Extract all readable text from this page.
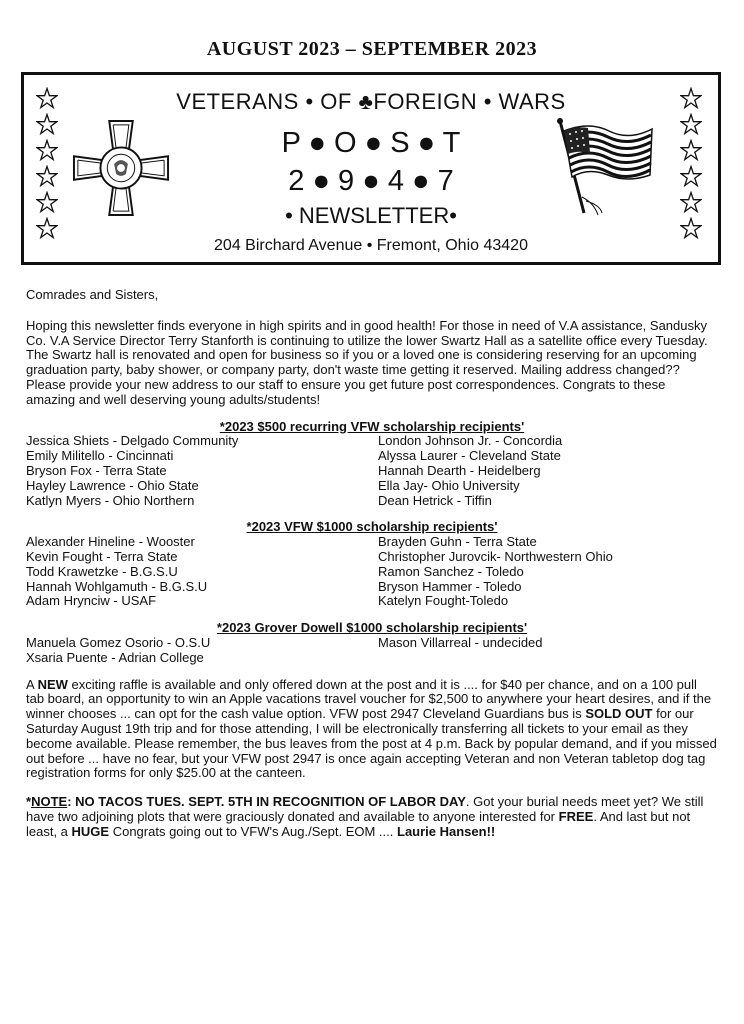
AUGUST 2023 – SEPTEMBER 2023
VETERANS • OF ♣FOREIGN • WARS
P ● O ● S ● T
2 ● 9 ● 4 ● 7
• NEWSLETTER•
204 Birchard Avenue • Fremont, Ohio 43420

Comrades and Sisters,

Hoping this newsletter finds everyone in high spirits and in good health! For those in need of V.A assistance, Sandusky Co. V.A Service Director Terry Stanforth is continuing to utilize the lower Swartz Hall as a satellite office every Tuesday. The Swartz hall is renovated and open for business so if you or a loved one is considering reserving for an upcoming graduation party, baby shower, or company party, don't waste time getting it reserved. Mailing address changed?? Please provide your new address to our staff to ensure you get future post correspondences. Congrats to these amazing and well deserving young adults/students!

*2023 $500 recurring VFW scholarship recipients'

Jessica Shiets - Delgado Community
Emily Militello - Cincinnati
Bryson Fox - Terra State
Hayley Lawrence - Ohio State
Katlyn Myers - Ohio Northern
London Johnson Jr. - Concordia
Alyssa Laurer - Cleveland State
Hannah Dearth - Heidelberg
Ella Jay- Ohio University
Dean Hetrick - Tiffin

*2023 VFW $1000 scholarship recipients'

Alexander Hineline - Wooster
Kevin Fought - Terra State
Todd Krawetzke - B.G.S.U
Hannah Wohlgamuth - B.G.S.U
Adam Hrynciw - USAF
Brayden Guhn - Terra State
Christopher Jurovcik- Northwestern Ohio
Ramon Sanchez - Toledo
Bryson Hammer - Toledo
Katelyn Fought-Toledo

*2023 Grover Dowell $1000 scholarship recipients'

Manuela Gomez Osorio - O.S.U
Xsaria Puente - Adrian College
Mason Villarreal - undecided

A NEW exciting raffle is available and only offered down at the post and it is .... for $40 per chance, and on a 100 pull tab board, an opportunity to win an Apple vacations travel voucher for $2,500 to anywhere your heart desires, and if the winner chooses ... can opt for the cash value option. VFW post 2947 Cleveland Guardians bus is SOLD OUT for our Saturday August 19th trip and for those attending, I will be electronically transferring all tickets to your email as they become available. Please remember, the bus leaves from the post at 4 p.m. Back by popular demand, and if you missed out before ... have no fear, but your VFW post 2947 is once again accepting Veteran and non Veteran tabletop dog tag registration forms for only $25.00 at the canteen.

*NOTE: NO TACOS TUES. SEPT. 5TH IN RECOGNITION OF LABOR DAY. Got your burial needs meet yet? We still have two adjoining plots that were graciously donated and available to anyone interested for FREE. And last but not least, a HUGE Congrats going out to VFW's Aug./Sept. EOM .... Laurie Hansen!!
